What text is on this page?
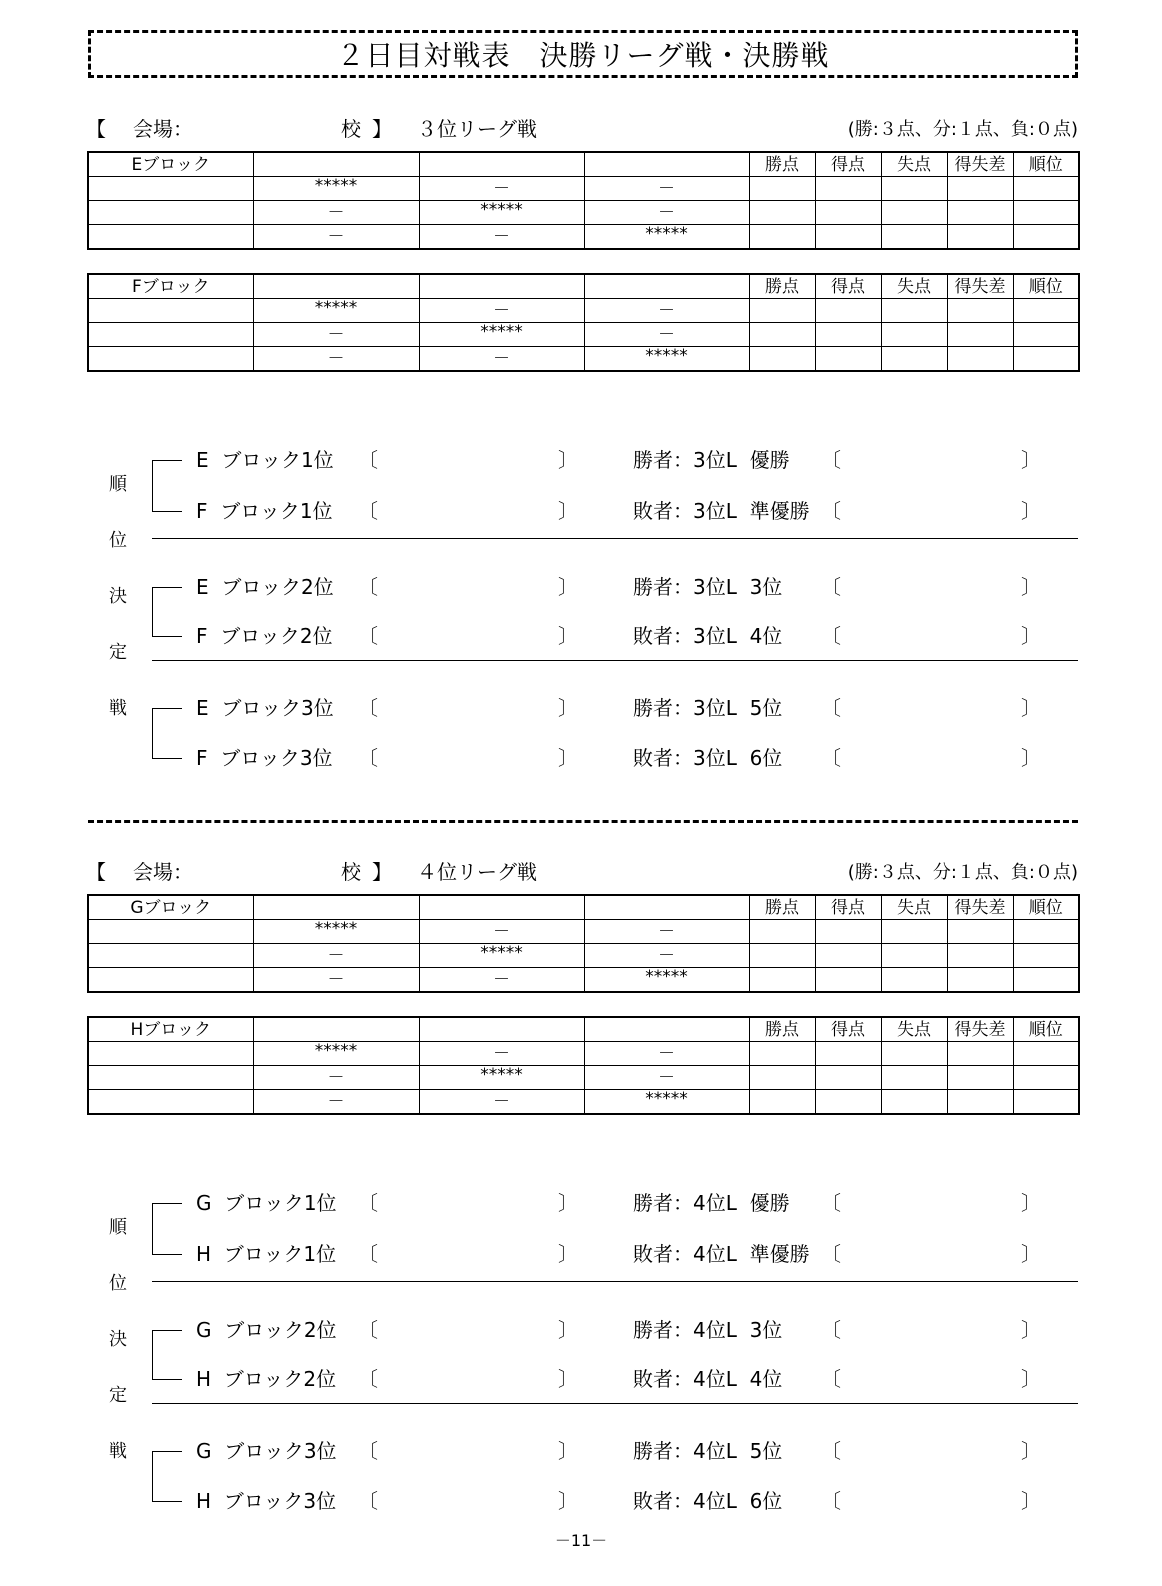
２日目対戦表　決勝リーグ戦・決勝戦
【 会場：	校 】 ３位リーグ戦	(勝:３点、分:１点、負:０点)
Eブロック				勝点	得点	失点	得失差	順位
	*****	－	－					
	－	*****	－					
	－	－	*****					
Fブロック				勝点	得点	失点	得失差	順位
	*****	－	－					
	－	*****	－					
	－	－	*****					
順
位
決
定
戦
E  ブロック1位 〔	〕	勝者：3位L  優勝 〔	〕
F  ブロック1位 〔	〕	敗者：3位L  準優勝 〔	〕
E  ブロック2位 〔	〕	勝者：3位L  3位 〔	〕
F  ブロック2位 〔	〕	敗者：3位L  4位 〔	〕
E  ブロック3位 〔	〕	勝者：3位L  5位 〔	〕
F  ブロック3位 〔	〕	敗者：3位L  6位 〔	〕
【 会場：	校 】 ４位リーグ戦	(勝:３点、分:１点、負:０点)
Gブロック				勝点	得点	失点	得失差	順位
	*****	－	－					
	－	*****	－					
	－	－	*****					
Hブロック				勝点	得点	失点	得失差	順位
	*****	－	－					
	－	*****	－					
	－	－	*****					
順
位
決
定
戦
G  ブロック1位 〔	〕	勝者：4位L  優勝 〔	〕
H  ブロック1位 〔	〕	敗者：4位L  準優勝 〔	〕
G  ブロック2位 〔	〕	勝者：4位L  3位 〔	〕
H  ブロック2位 〔	〕	敗者：4位L  4位 〔	〕
G  ブロック3位 〔	〕	勝者：4位L  5位 〔	〕
H  ブロック3位 〔	〕	敗者：4位L  6位 〔	〕
－11－
